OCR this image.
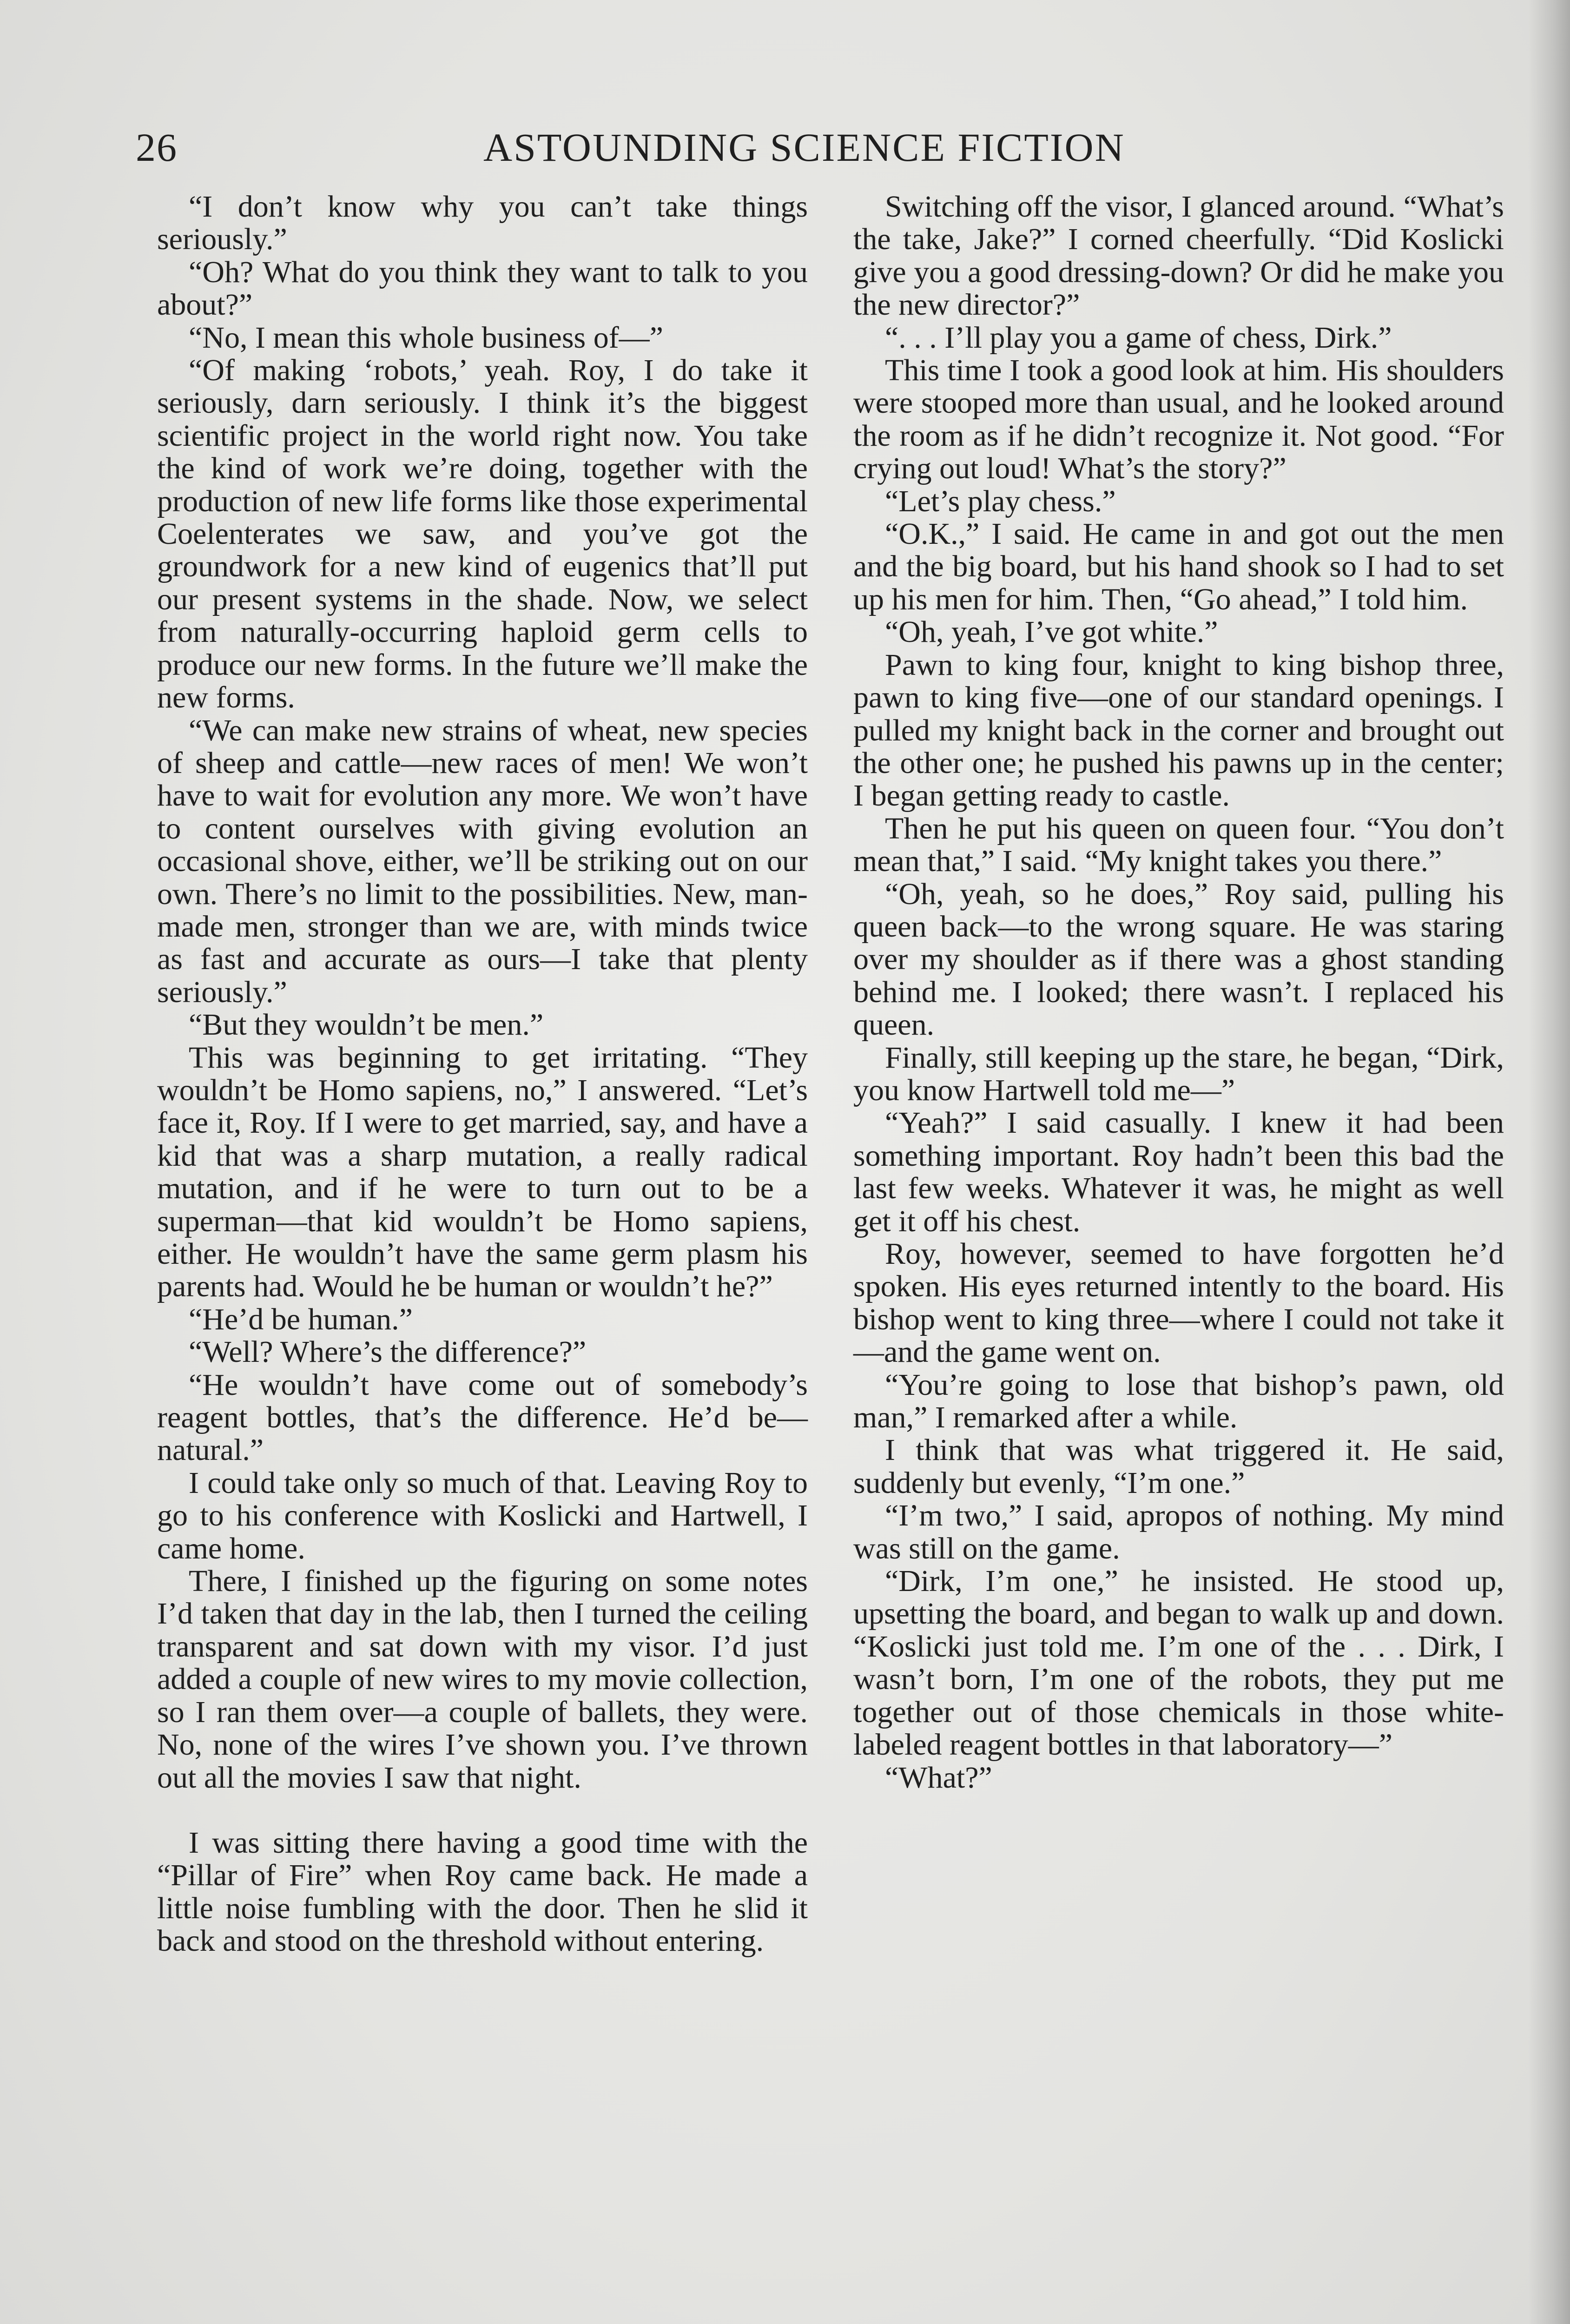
26	ASTOUNDING SCIENCE FICTION

“I don’t know why you can’t take things seriously.”

“Oh? What do you think they want to talk to you about?”

“No, I mean this whole business of—”

“Of making ‘robots,’ yeah. Roy, I do take it seriously, darn seriously. I think it’s the biggest scientific project in the world right now. You take the kind of work we’re doing, together with the production of new life forms like those experimental Coelenterates we saw, and you’ve got the groundwork for a new kind of eugenics that’ll put our present systems in the shade. Now, we select from naturally-occurring haploid germ cells to produce our new forms. In the future we’ll make the new forms.

“We can make new strains of wheat, new species of sheep and cattle—new races of men! We won’t have to wait for evolution any more. We won’t have to content ourselves with giving evolution an occasional shove, either, we’ll be striking out on our own. There’s no limit to the possibilities. New, man-made men, stronger than we are, with minds twice as fast and accurate as ours—I take that plenty seriously.”

“But they wouldn’t be men.”

This was beginning to get irritating. “They wouldn’t be Homo sapiens, no,” I answered. “Let’s face it, Roy. If I were to get married, say, and have a kid that was a sharp mutation, a really radical mutation, and if he were to turn out to be a superman—that kid wouldn’t be Homo sapiens, either. He wouldn’t have the same germ plasm his parents had. Would he be human or wouldn’t he?”

“He’d be human.”

“Well? Where’s the difference?”

“He wouldn’t have come out of somebody’s reagent bottles, that’s the difference. He’d be—natural.”

I could take only so much of that. Leaving Roy to go to his conference with Koslicki and Hartwell, I came home.

There, I finished up the figuring on some notes I’d taken that day in the lab, then I turned the ceiling transparent and sat down with my visor. I’d just added a couple of new wires to my movie collection, so I ran them over—a couple of ballets, they were. No, none of the wires I’ve shown you. I’ve thrown out all the movies I saw that night.

I was sitting there having a good time with the “Pillar of Fire” when Roy came back. He made a little noise fumbling with the door. Then he slid it back and stood on the threshold without entering.

Switching off the visor, I glanced around. “What’s the take, Jake?” I corned cheerfully. “Did Koslicki give you a good dressing-down? Or did he make you the new director?”

“. . . I’ll play you a game of chess, Dirk.”

This time I took a good look at him. His shoulders were stooped more than usual, and he looked around the room as if he didn’t recognize it. Not good. “For crying out loud! What’s the story?”

“Let’s play chess.”

“O.K.,” I said. He came in and got out the men and the big board, but his hand shook so I had to set up his men for him. Then, “Go ahead,” I told him.

“Oh, yeah, I’ve got white.”

Pawn to king four, knight to king bishop three, pawn to king five—one of our standard openings. I pulled my knight back in the corner and brought out the other one; he pushed his pawns up in the center; I began getting ready to castle.

Then he put his queen on queen four. “You don’t mean that,” I said. “My knight takes you there.”

“Oh, yeah, so he does,” Roy said, pulling his queen back—to the wrong square. He was staring over my shoulder as if there was a ghost standing behind me. I looked; there wasn’t. I replaced his queen.

Finally, still keeping up the stare, he began, “Dirk, you know Hartwell told me—”

“Yeah?” I said casually. I knew it had been something important. Roy hadn’t been this bad the last few weeks. Whatever it was, he might as well get it off his chest.

Roy, however, seemed to have forgotten he’d spoken. His eyes returned intently to the board. His bishop went to king three—where I could not take it—and the game went on.

“You’re going to lose that bishop’s pawn, old man,” I remarked after a while.

I think that was what triggered it. He said, suddenly but evenly, “I’m one.”

“I’m two,” I said, apropos of nothing. My mind was still on the game.

“Dirk, I’m one,” he insisted. He stood up, upsetting the board, and began to walk up and down. “Koslicki just told me. I’m one of the . . . Dirk, I wasn’t born, I’m one of the robots, they put me together out of those chemicals in those white-labeled reagent bottles in that laboratory—”

“What?”
